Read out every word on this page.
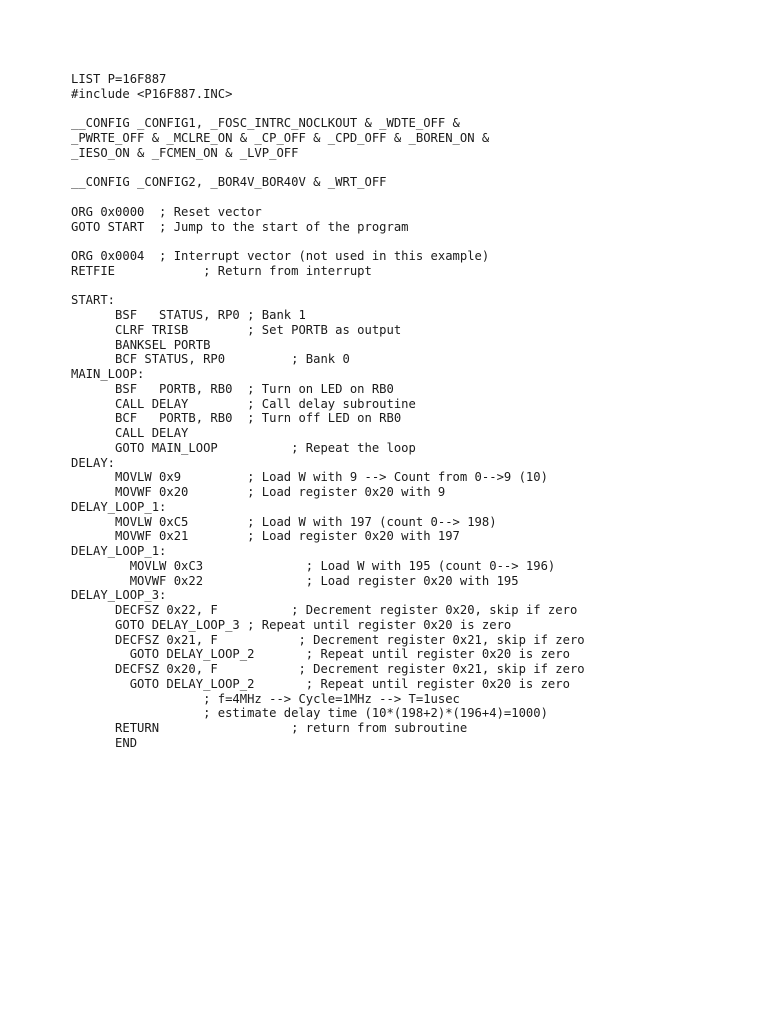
LIST P=16F887
#include <P16F887.INC>
__CONFIG _CONFIG1, _FOSC_INTRC_NOCLKOUT & _WDTE_OFF &
_PWRTE_OFF & _MCLRE_ON & _CP_OFF & _CPD_OFF & _BOREN_ON &
_IESO_ON & _FCMEN_ON & _LVP_OFF
__CONFIG _CONFIG2, _BOR4V_BOR40V & _WRT_OFF
ORG 0x0000  ; Reset vector
GOTO START  ; Jump to the start of the program
ORG 0x0004  ; Interrupt vector (not used in this example)
RETFIE            ; Return from interrupt
START:
BSF   STATUS, RP0 ; Bank 1
CLRF TRISB        ; Set PORTB as output
BANKSEL PORTB
BCF STATUS, RP0         ; Bank 0
MAIN_LOOP:
BSF   PORTB, RB0  ; Turn on LED on RB0
CALL DELAY        ; Call delay subroutine
BCF   PORTB, RB0  ; Turn off LED on RB0
CALL DELAY
GOTO MAIN_LOOP          ; Repeat the loop
DELAY:
MOVLW 0x9         ; Load W with 9 --> Count from 0-->9 (10)
MOVWF 0x20        ; Load register 0x20 with 9
DELAY_LOOP_1:
MOVLW 0xC5        ; Load W with 197 (count 0--> 198)
MOVWF 0x21        ; Load register 0x20 with 197
DELAY_LOOP_1:
MOVLW 0xC3              ; Load W with 195 (count 0--> 196)
MOVWF 0x22              ; Load register 0x20 with 195
DELAY_LOOP_3:
DECFSZ 0x22, F          ; Decrement register 0x20, skip if zero
GOTO DELAY_LOOP_3 ; Repeat until register 0x20 is zero
DECFSZ 0x21, F           ; Decrement register 0x21, skip if zero
GOTO DELAY_LOOP_2       ; Repeat until register 0x20 is zero
DECFSZ 0x20, F           ; Decrement register 0x21, skip if zero
GOTO DELAY_LOOP_2       ; Repeat until register 0x20 is zero
; f=4MHz --> Cycle=1MHz --> T=1usec
; estimate delay time (10*(198+2)*(196+4)=1000)
RETURN                  ; return from subroutine
END
